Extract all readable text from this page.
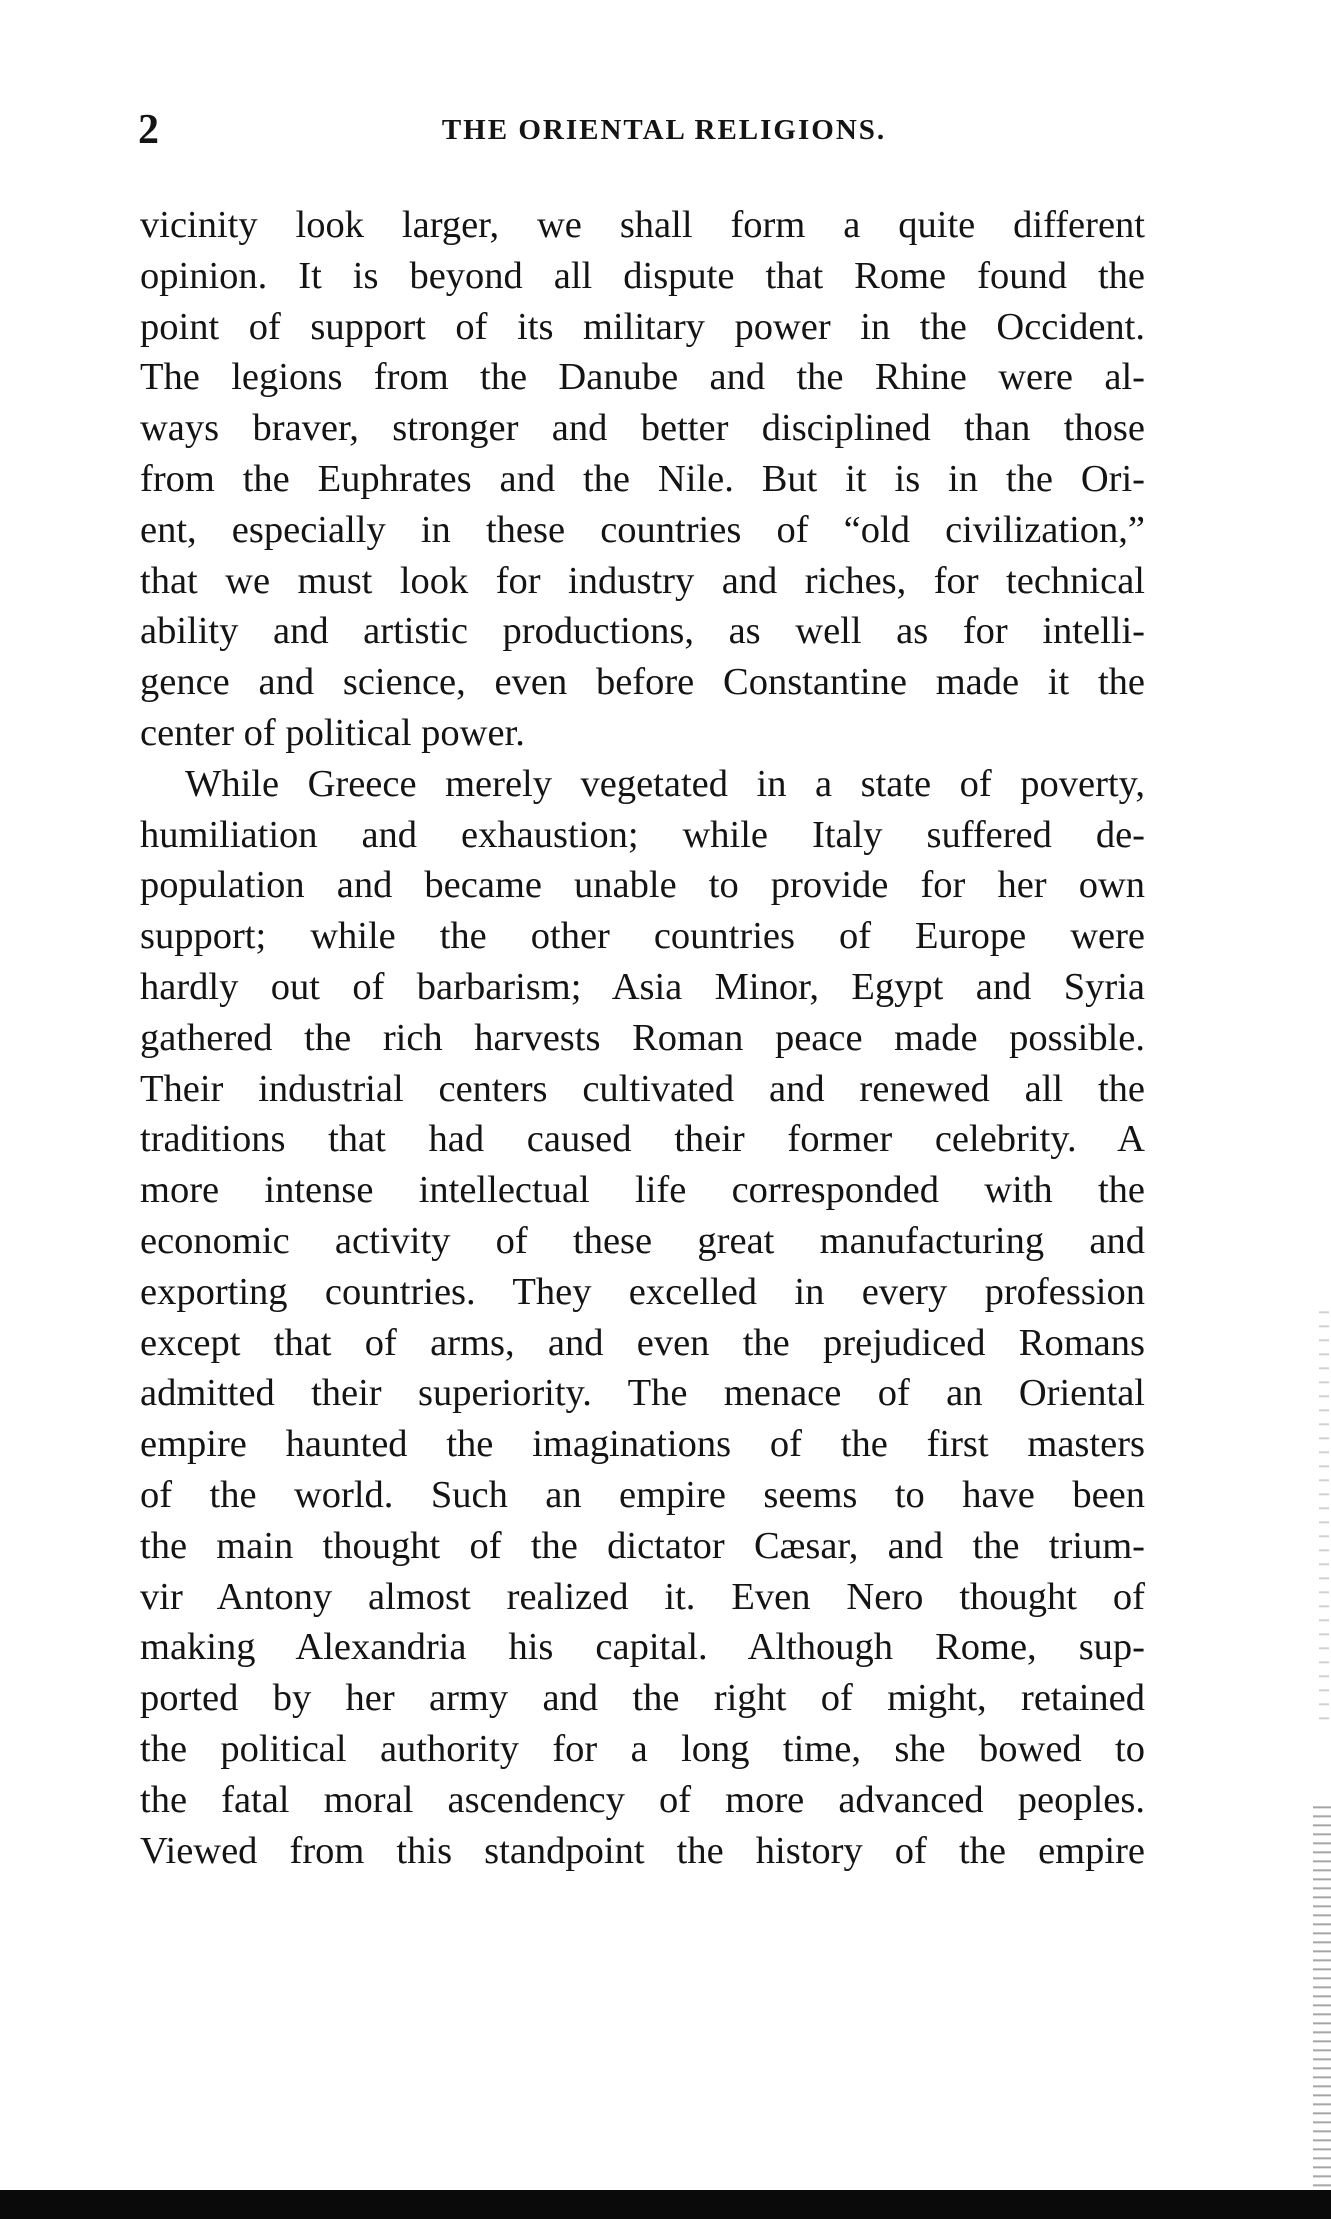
2	THE ORIENTAL RELIGIONS.
vicinity look larger, we shall form a quite different
opinion. It is beyond all dispute that Rome found the
point of support of its military power in the Occident.
The legions from the Danube and the Rhine were al-
ways braver, stronger and better disciplined than those
from the Euphrates and the Nile. But it is in the Ori-
ent, especially in these countries of “old civilization,”
that we must look for industry and riches, for technical
ability and artistic productions, as well as for intelli-
gence and science, even before Constantine made it the
center of political power.
While Greece merely vegetated in a state of poverty,
humiliation and exhaustion; while Italy suffered de-
population and became unable to provide for her own
support; while the other countries of Europe were
hardly out of barbarism; Asia Minor, Egypt and Syria
gathered the rich harvests Roman peace made possible.
Their industrial centers cultivated and renewed all the
traditions that had caused their former celebrity. A
more intense intellectual life corresponded with the
economic activity of these great manufacturing and
exporting countries. They excelled in every profession
except that of arms, and even the prejudiced Romans
admitted their superiority. The menace of an Oriental
empire haunted the imaginations of the first masters
of the world. Such an empire seems to have been
the main thought of the dictator Cæsar, and the trium-
vir Antony almost realized it. Even Nero thought of
making Alexandria his capital. Although Rome, sup-
ported by her army and the right of might, retained
the political authority for a long time, she bowed to
the fatal moral ascendency of more advanced peoples.
Viewed from this standpoint the history of the empire
